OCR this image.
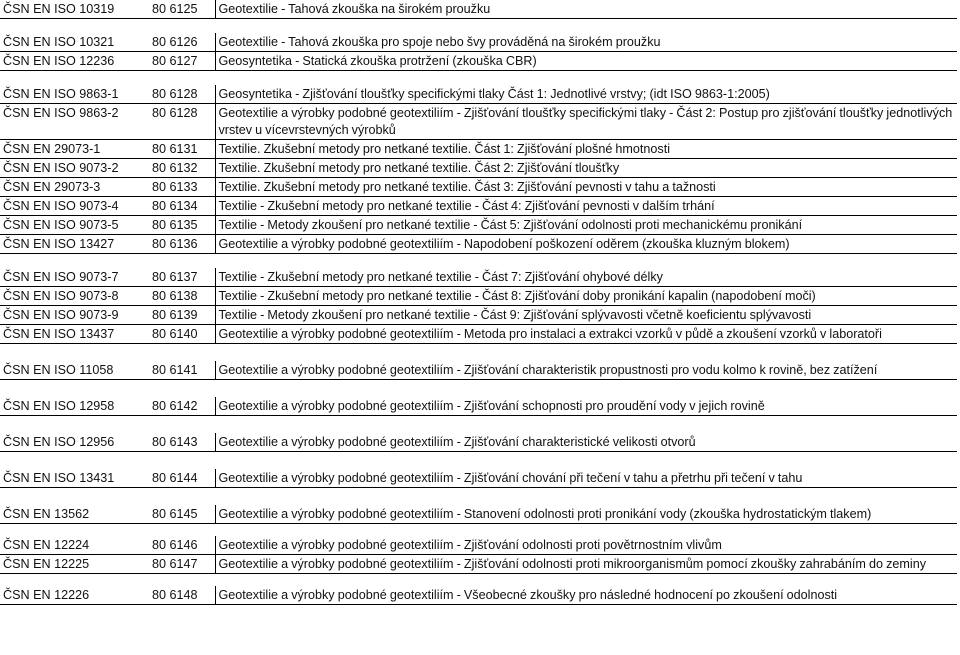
ČSN EN ISO 10319	80 6125	Geotextilie - Tahová zkouška na širokém proužku

ČSN EN ISO 10321	80 6126	Geotextilie - Tahová zkouška pro spoje nebo švy prováděná na širokém proužku
ČSN EN ISO 12236	80 6127	Geosyntetika - Statická zkouška protržení (zkouška CBR)

ČSN EN ISO 9863-1	80 6128	Geosyntetika - Zjišťování tloušťky specifickými tlaky Část 1: Jednotlivé vrstvy; (idt ISO 9863-1:2005)
ČSN EN ISO 9863-2	80 6128	Geotextilie a výrobky podobné geotextiliím - Zjišťování tloušťky specifickými tlaky - Část 2: Postup pro zjišťování tloušťky jednotlivých vrstev u vícevrstevných výrobků
ČSN EN 29073-1	80 6131	Textilie. Zkušební metody pro netkané textilie. Část 1: Zjišťování plošné hmotnosti
ČSN EN ISO 9073-2	80 6132	Textilie. Zkušební metody pro netkané textilie. Část 2: Zjišťování tloušťky
ČSN EN 29073-3	80 6133	Textilie. Zkušební metody pro netkané textilie. Část 3: Zjišťování pevnosti v tahu a tažnosti
ČSN EN ISO 9073-4	80 6134	Textilie - Zkušební metody pro netkané textilie - Část 4: Zjišťování pevnosti v dalším trhání
ČSN EN ISO 9073-5	80 6135	Textilie - Metody zkoušení pro netkané textilie - Část 5: Zjišťování odolnosti proti mechanickému pronikání
ČSN EN ISO 13427	80 6136	Geotextilie a výrobky podobné geotextiliím - Napodobení poškození oděrem (zkouška kluzným blokem)

ČSN EN ISO 9073-7	80 6137	Textilie - Zkušební metody pro netkané textilie - Část 7: Zjišťování ohybové délky
ČSN EN ISO 9073-8	80 6138	Textilie - Zkušební metody pro netkané textilie - Část 8: Zjišťování doby pronikání kapalin (napodobení moči)
ČSN EN ISO 9073-9	80 6139	Textilie - Metody zkoušení pro netkané textilie - Část 9: Zjišťování splývavosti včetně koeficientu splývavosti
ČSN EN ISO 13437	80 6140	Geotextilie a výrobky podobné geotextiliím - Metoda pro instalaci a extrakci vzorků v půdě a zkoušení vzorků v laboratoři

ČSN EN ISO 11058	80 6141	Geotextilie a výrobky podobné geotextiliím - Zjišťování charakteristik propustnosti pro vodu kolmo k rovině, bez zatížení

ČSN EN ISO 12958	80 6142	Geotextilie a výrobky podobné geotextiliím - Zjišťování schopnosti pro proudění vody v jejich rovině

ČSN EN ISO 12956	80 6143	Geotextilie a výrobky podobné geotextiliím - Zjišťování charakteristické velikosti otvorů

ČSN EN ISO 13431	80 6144	Geotextilie a výrobky podobné geotextiliím - Zjišťování chování při tečení v tahu a přetrhu při tečení v tahu

ČSN EN 13562	80 6145	Geotextilie a výrobky podobné geotextiliím - Stanovení odolnosti proti pronikání vody (zkouška hydrostatickým tlakem)

ČSN EN 12224	80 6146	Geotextilie a výrobky podobné geotextiliím - Zjišťování odolnosti proti povětrnostním vlivům
ČSN EN 12225	80 6147	Geotextilie a výrobky podobné geotextiliím - Zjišťování odolnosti proti mikroorganismům pomocí zkoušky zahrabáním do zeminy

ČSN EN 12226	80 6148	Geotextilie a výrobky podobné geotextiliím - Všeobecné zkoušky pro následné hodnocení po zkoušení odolnosti
